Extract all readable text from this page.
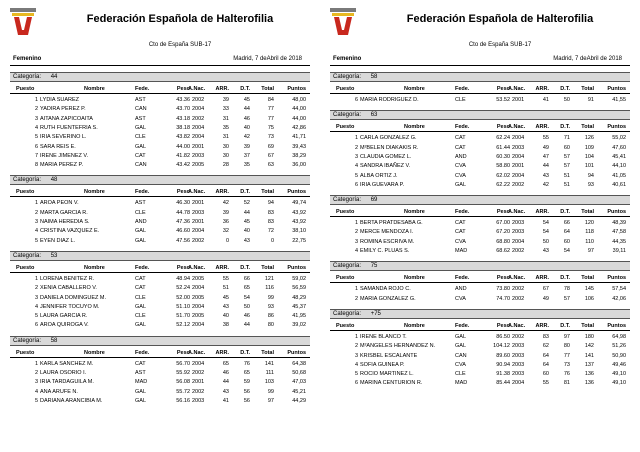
Federación Española de Halterofilia
Cto de España SUB-17
Femenino	Madrid, 7 deAbril de 2018
Categoría: 44
Puesto	Nombre	Fede.	Peso
A.Nac. ARR.	D.T. Total	Puntos
1 LYDIA SUAREZ	AST	43.36 2002	39	45	84	48,00
2 YADIRA PEREZ P.	CAN	43.70 2004	33	44	77	44,00
3 AITANA ZAPICOAITA	AST	43.18 2002	31	46	77	44,00
4 RUTH FUENTEFRIA S.	GAL	38.18 2004	35	40	75	42,86
5 IRIA SEVERINO L.	CLE	43.82 2004	31	42	73	41,71
6 SARA REIS E.	GAL	44.00 2001	30	39	69	39,43
7 IRENE JIMENEZ V.	CAT	41.82 2003	30	37	67	38,29
8 MARIA PEREZ P.	CAN	43.42 2005	28	35	63	36,00
Categoría: 48
Puesto	Nombre	Fede.	Peso
A.Nac. ARR.	D.T. Total	Puntos
1 AROA PEON V.	AST	46.30 2001	42	52	94	49,74
2 MARTA GARCIA R.	CLE	44.78 2003	39	44	83	43,92
3 NAIMA HEREDIA S.	AND	47.36 2001	36	45	83	43,92
4 CRISTINA VAZQUEZ E.	GAL	46.60 2004	32	40	72	38,10
5 EYEN DIAZ L.	GAL	47.56 2002	0	43	0	22,75
Categoría: 53
Puesto	Nombre	Fede.	Peso
A.Nac. ARR.	D.T. Total	Puntos
1 LORENA BENITEZ R.	CAT	48.94 2005	55	66	121	59,02
2 XENIA CABALLERO V.	CAT	52.24 2004	51	65	116	56,59
3 DANIELA DOMINGUEZ M.	CLE	52.00 2005	45	54	99	48,29
4 JENNIFER TOCUYO M.	GAL	51.10 2004	43	50	93	45,37
5 LAURA GARCIA R.	CLE	51.70 2005	40	46	86	41,95
6 AROA QUIROGA V.	GAL	52.12 2004	38	44	80	39,02
Categoría: 58
Puesto	Nombre	Fede.	Peso
A.Nac. ARR.	D.T. Total	Puntos
1 KARLA SANCHEZ M.	CAT	56.70 2004	65	76	141	64,38
2 LAURA OSORIO I.	AST	55.92 2002	46	65	111	50,68
3 IRIA TARDAGUILA M.	MAD	56.08 2001	44	59	103	47,03
4 ANA ARUFE N.	GAL	55.72 2002	43	56	99	45,21
5 DARIANA ARANCIBIA M.	GAL	56.16 2003	41	56	97	44,29
Federación Española de Halterofilia
Cto de España SUB-17
Femenino	Madrid, 7 deAbril de 2018
Categoría: 58
Puesto	Nombre	Fede.	Peso
A.Nac. ARR.	D.T. Total	Puntos
6 MARIA RODRIGUEZ D.	CLE	53.52 2001	41	50	91	41,55
Categoría: 63
Puesto	Nombre	Fede.	Peso
A.Nac. ARR.	D.T. Total	Puntos
1 CARLA GONZALEZ G.	CAT	62.24 2004	55	71	126	55,02
2 M²BELEN DIAKAKIS R.	CAT	61.44 2003	49	60	109	47,60
3 CLAUDIA GOMEZ L.	AND	60.30 2004	47	57	104	45,41
4 SANDRA IBAÑEZ V.	CVA	58.80 2001	44	57	101	44,10
5 ALBA ORTIZ J.	CVA	62.02 2004	43	51	94	41,05
6 IRIA GUEVARA P.	GAL	62.22 2002	42	51	93	40,61
Categoría: 69
Puesto	Nombre	Fede.	Peso
A.Nac. ARR.	D.T. Total	Puntos
1 BERTA PRATDESABA G.	CAT	67.00 2003	54	66	120	48,39
2 MERCE MENDOZA I.	CAT	67.20 2003	54	64	118	47,58
3 ROMINA ESCRIVA M.	CVA	68.80 2004	50	60	110	44,35
4 EMILY C. PLUAS S.	MAD	68.62 2002	43	54	97	39,11
Categoría: 75
Puesto	Nombre	Fede.	Peso
A.Nac. ARR.	D.T. Total	Puntos
1 SAMANDA ROJO C.	AND	73.80 2002	67	78	145	57,54
2 MARIA GONZALEZ G.	CVA	74.70 2002	49	57	106	42,06
Categoría: +75
Puesto	Nombre	Fede.	Peso
A.Nac. ARR.	D.T. Total	Puntos
1 IRENE BLANCO T.	GAL	86.50 2002	83	97	180	64,98
2 M²ANGELES HERNANDEZ N.	GAL	104.12 2003	62	80	142	51,26
3 KRISBEL ESCALANTE	CAN	89.60 2003	64	77	141	50,90
4 SOFIA GUINEA P.	CVA	90.94 2003	64	73	137	49,46
5 ROCIO MARTINEZ L.	CLE	91.38 2003	60	76	136	49,10
6 MARINA CENTURION R.	MAD	85.44 2004	55	81	136	49,10
